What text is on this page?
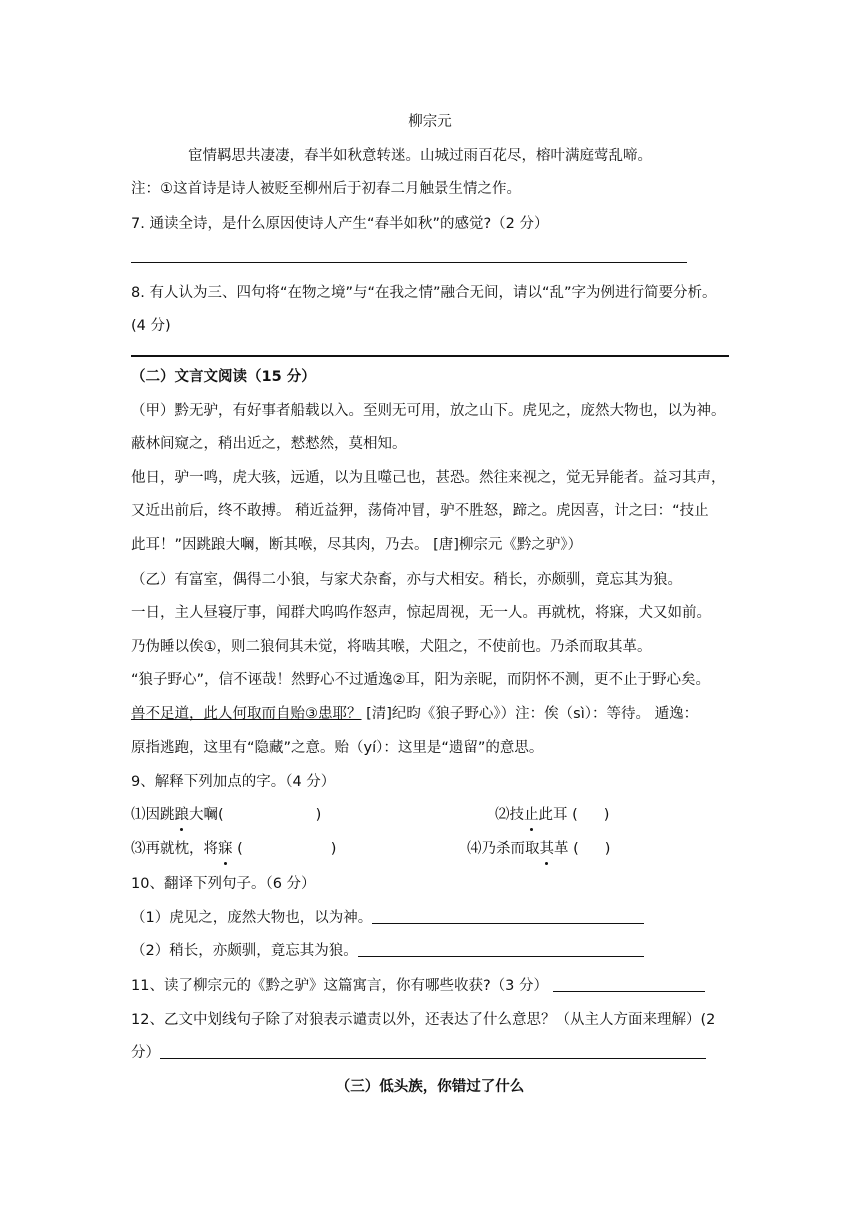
柳宗元
宦情羁思共凄凄，春半如秋意转迷。山城过雨百花尽，榕叶满庭莺乱啼。
注：①这首诗是诗人被贬至柳州后于初春二月触景生情之作。
7. 通读全诗，是什么原因使诗人产生“春半如秋”的感觉?（2 分）
8. 有人认为三、四句将“在物之境”与“在我之情”融合无间，请以“乱”字为例进行简要分析。
(4 分)
（二）文言文阅读（15 分）
（甲）黔无驴，有好事者船载以入。至则无可用，放之山下。虎见之，庞然大物也，以为神。
蔽林间窥之，稍出近之，慭慭然，莫相知。
他日，驴一鸣，虎大骇，远遁，以为且噬己也，甚恐。然往来视之，觉无异能者。益习其声，
又近出前后，终不敢搏。 稍近益狎，荡倚冲冒，驴不胜怒，蹄之。虎因喜，计之曰：“技止
此耳！”因跳踉大㘎，断其喉，尽其肉，乃去。 [唐]柳宗元《黔之驴》）
（乙）有富室，偶得二小狼，与家犬杂畜，亦与犬相安。稍长，亦颇驯，竟忘其为狼。
一日，主人昼寝厅事，闻群犬呜呜作怒声，惊起周视，无一人。再就枕，将寐，犬又如前。
乃伪睡以俟①，则二狼伺其未觉，将啮其喉，犬阻之，不使前也。乃杀而取其革。
“狼子野心”，信不诬哉！然野心不过遁逸②耳，阳为亲昵，而阴怀不测，更不止于野心矣。
兽不足道，此人何取而自贻③患耶？ [清]纪昀《狼子野心》）注：俟（sì）：等待。 遁逸：
原指逃跑，这里有“隐藏”之意。贻（yí）：这里是“遗留”的意思。
9、解释下列加点的字。（4 分）
⑴因跳踉大㘎(	)	⑵技止此耳 ( )
⑶再就枕，将寐 (	)	⑷乃杀而取其革 ( )
10、翻译下列句子。（6 分）
（1）虎见之，庞然大物也，以为神。
（2）稍长，亦颇驯，竟忘其为狼。
11、读了柳宗元的《黔之驴》这篇寓言，你有哪些收获?（3 分）
12、乙文中划线句子除了对狼表示谴责以外，还表达了什么意思？（从主人方面来理解）(2
分）
（三）低头族，你错过了什么
